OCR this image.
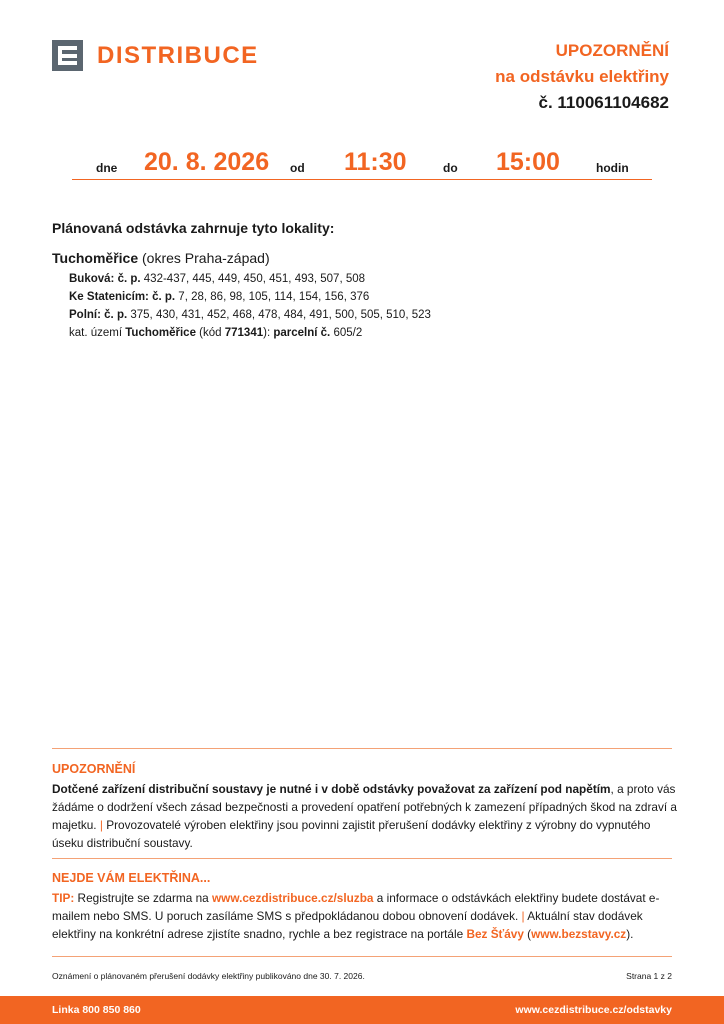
DISTRIBUCE	UPOZORNĚNÍ
na odstávku elektřiny
č. 110061104682
dne 20. 8. 2026 od 11:30	do 15:00	hodin
Plánovaná odstávka zahrnuje tyto lokality:
Tuchoměřice (okres Praha-západ)
Buková: č. p. 432-437, 445, 449, 450, 451, 493, 507, 508
Ke Statenicím: č. p. 7, 28, 86, 98, 105, 114, 154, 156, 376
Polní: č. p. 375, 430, 431, 452, 468, 478, 484, 491, 500, 505, 510, 523
kat. území Tuchoměřice (kód 771341): parcelní č. 605/2
UPOZORNĚNÍ
Dotčené zařízení distribuční soustavy je nutné i v době odstávky považovat za zařízení pod napětím, a proto vás žádáme o dodržení všech zásad bezpečnosti a provedení opatření potřebných k zamezení případných škod na zdraví a majetku. | Provozovatelé výroben elektřiny jsou povinni zajistit přerušení dodávky elektřiny z výrobny do vypnutého úseku distribuční soustavy.
NEJDE VÁM ELEKTŘINA...
TIP: Registrujte se zdarma na www.cezdistribuce.cz/sluzba a informace o odstávkách elektřiny budete dostávat e-mailem nebo SMS. U poruch zasíláme SMS s předpokládanou dobou obnovení dodávek. | Aktuální stav dodávek elektřiny na konkrétní adrese zjistíte snadno, rychle a bez registrace na portále Bez Šťávy (www.bezstavy.cz).
Oznámení o plánovaném přerušení dodávky elektřiny publikováno dne 30. 7. 2026.	Strana 1 z 2
Linka 800 850 860	www.cezdistribuce.cz/odstavky
